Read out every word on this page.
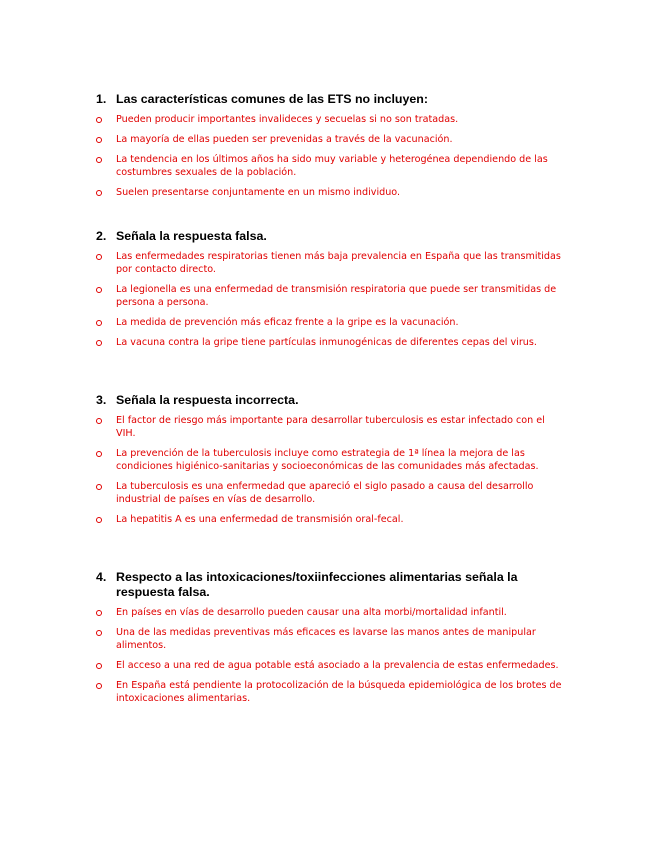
1. Las características comunes de las ETS no incluyen:
Pueden producir importantes invalideces y secuelas si no son tratadas.
La mayoría de ellas pueden ser prevenidas a través de la vacunación.
La tendencia en los últimos años ha sido muy variable y heterogénea dependiendo de las costumbres sexuales de la población.
Suelen presentarse conjuntamente en un mismo individuo.
2. Señala la respuesta falsa.
Las enfermedades respiratorias tienen más baja prevalencia en España que las transmitidas por contacto directo.
La legionella es una enfermedad de transmisión respiratoria que puede ser transmitidas de persona a persona.
La medida de prevención más eficaz frente a la gripe es la vacunación.
La vacuna contra la gripe tiene partículas inmunogénicas de diferentes cepas del virus.
3. Señala la respuesta incorrecta.
El factor de riesgo más importante para desarrollar tuberculosis es estar infectado con el VIH.
La prevención de la tuberculosis incluye como estrategia de 1ª línea la mejora de las condiciones higiénico-sanitarias y socioeconómicas de las comunidades más afectadas.
La tuberculosis es una enfermedad que apareció el siglo pasado a causa del desarrollo industrial de países en vías de desarrollo.
La hepatitis A es una enfermedad de transmisión oral-fecal.
4. Respecto a las intoxicaciones/toxiinfecciones alimentarias señala la respuesta falsa.
En países en vías de desarrollo pueden causar una alta morbi/mortalidad infantil.
Una de las medidas preventivas más eficaces es lavarse las manos antes de manipular alimentos.
El acceso a una red de agua potable está asociado a la prevalencia de estas enfermedades.
En España está pendiente la protocolización de la búsqueda epidemiológica de los brotes de intoxicaciones alimentarias.
